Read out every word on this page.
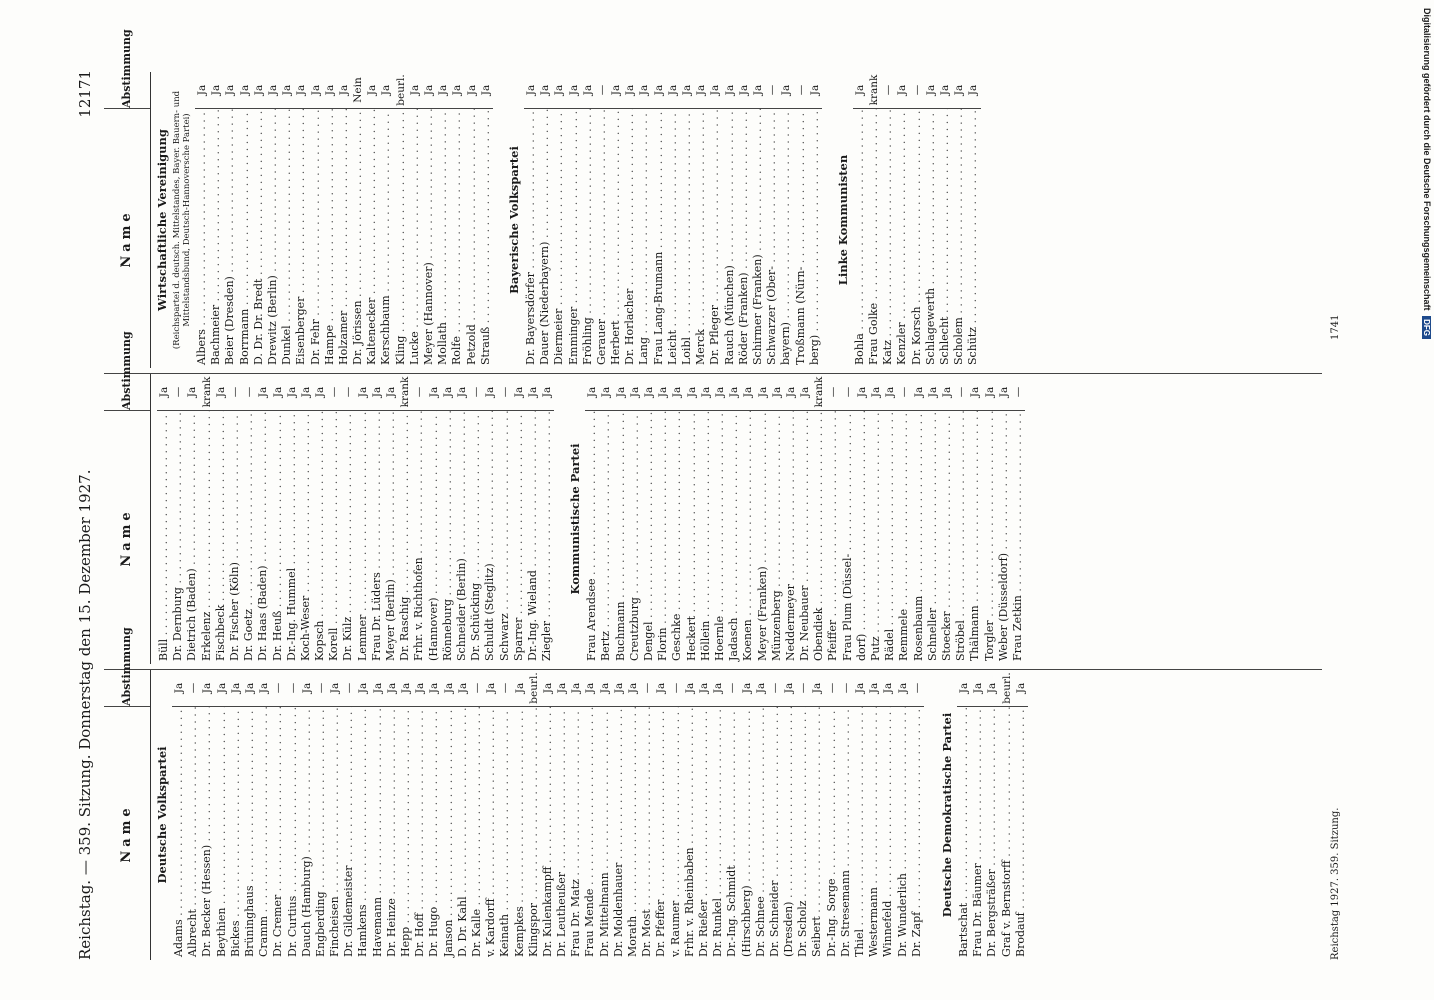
Reichstag. — 359. Sitzung. Donnerstag den 15. Dezember 1927.
12171
Name
Abstimmung
Deutsche Volkspartei
Adams . . .
Ja
Albrecht . . .
—
Dr. Becker (Hessen) . . .
Ja
Beythien . . .
Ja
Bickes . . .
Ja
Brüninghaus . . .
Ja
Cramm . . .
Ja
Dr. Cremer . . .
—
Dr. Curtius . . .
—
Dauch (Hamburg) . . .
Ja
Engberding . . .
—
Fincheisen . . .
Ja
Dr. Gildemeister . . .
—
Hamkens . . .
Ja
Havemann . . .
Ja
Dr. Heinze . . .
Ja
Hepp . . .
Ja
Dr. Hoff . . .
Ja
Dr. Hugo . . .
Ja
Janson . . .
Ja
D. Dr. Kahl . . .
Ja
Dr. Kalle . . .
—
v. Kardorff . . .
Ja
Keinath . . .
—
Kempkes . . .
Ja
Klingspor . . .
beurl.
Dr. Kulenkampff . . .
Ja
Dr. Leutheußer . . .
Ja
Frau Dr. Matz . . .
Ja
Frau Mende . . .
Ja
Dr. Mittelmann . . .
Ja
Dr. Moldenhauer . . .
Ja
Morath . . .
Ja
Dr. Most . . .
—
Dr. Pfeffer . . .
Ja
v. Raumer . . .
—
Frhr. v. Rheinbaben . . .
Ja
Dr. Rießer . . .
Ja
Dr. Runkel . . .
Ja
Dr.-Ing. Schmidt . . .
—
(Hirschberg) . . .
Ja
Dr. Schnee . . .
Ja
Dr. Schneider . . .
—
(Dresden) . . .
Ja
Dr. Scholz . . .
—
Seibert . . .
Ja
Dr.-Ing. Sorge . . .
—
Dr. Stresemann . . .
—
Thiel . . .
Ja
Westermann . . .
Ja
Winnefeld . . .
Ja
Dr. Wunderlich . . .
Ja
Dr. Zapf . . .
—
Deutsche Demokratische Partei
Bartschat . . .
Ja
Frau Dr. Bäumer . . .
Ja
Dr. Bergsträßer . . .
Ja
Graf v. Bernstorff . . .
beurl.
Brodauf . . .
Ja
Name
Abstimmung
Büll . . .
Ja
Dr. Dernburg . . .
—
Dietrich (Baden) . . .
Ja
Erkelenz . . .
krank
Fischbeck . . .
Ja
Dr. Fischer (Köln) . . .
—
Dr. Goetz . . .
—
Dr. Haas (Baden) . . .
Ja
Dr. Heuß . . .
Ja
Dr.-Ing. Hummel . . .
Ja
Koch-Weser . . .
Ja
Kopsch . . .
Ja
Korell . . .
—
Dr. Külz . . .
—
Lemmer . . .
Ja
Frau Dr. Lüders . . .
Ja
Meyer (Berlin) . . .
Ja
Dr. Raschig . . .
krank
Frhr. v. Richthofen . . .
—
(Hannover) . . .
Ja
Rönneburg . . .
Ja
Schneider (Berlin) . . .
Ja
Dr. Schücking . . .
—
Schuldt (Steglitz) . . .
Ja
Schwarz . . .
—
Sparrer . . .
Ja
Dr.-Ing. Wieland . . .
Ja
Ziegler . . .
Ja
Kommunistische Partei
Frau Arendsee . . .
Ja
Bertz . . .
Ja
Buchmann . . .
Ja
Creutzburg . . .
Ja
Dengel . . .
Ja
Florin . . .
Ja
Geschke . . .
Ja
Heckert . . .
Ja
Höllein . . .
Ja
Hoernle . . .
Ja
Jadasch . . .
Ja
Koenen . . .
Ja
Meyer (Franken) . . .
Ja
Münzenberg . . .
Ja
Neddermeyer . . .
Ja
Dr. Neubauer . . .
Ja
Obendiek . . .
krank
Pfeiffer . . .
—
Frau Plum (Düssel- . . .
—
dorf) . . .
Ja
Putz . . .
Ja
Rädel . . .
Ja
Remmele . . .
—
Rosenbaum . . .
Ja
Schneller . . .
Ja
Stoecker . . .
Ja
Ströbel . . .
—
Thälmann . . .
Ja
Torgler . . .
Ja
Weber (Düsseldorf) . . .
Ja
Frau Zetkin . . .
—
Name
Abstimmung
Wirtschaftliche Vereinigung (Reichspartei d. deutsch. Mittelstandes, Bayer. Bauern- und Mittelstandsbund, Deutsch-Hannoversche Partei)
Albers . . .
Ja
Bachmeier . . .
Ja
Beier (Dresden) . . .
Ja
Borrmann . . .
Ja
D. Dr. Dr. Bredt . . .
Ja
Drewitz (Berlin) . . .
Ja
Dunkel . . .
Ja
Eisenberger . . .
Ja
Dr. Fehr . . .
Ja
Hampe . . .
Ja
Holzamer . . .
Ja
Dr. Jörissen . . .
Nein
Kaltenecker . . .
Ja
Kerschbaum . . .
Ja
Kling . . .
beurl.
Lucke . . .
Ja
Meyer (Hannover) . . .
Ja
Mollath . . .
Ja
Rolfe . . .
Ja
Petzold . . .
Ja
Strauß . . .
Ja
Bayerische Volkspartei
Dr. Bayersdörfer . . .
Ja
Dauer (Niederbayern) . . .
Ja
Diermeier . . .
Ja
Emminger . . .
Ja
Fröhling . . .
Ja
Gerauer . . .
—
Herbert . . .
Ja
Dr. Horlacher . . .
Ja
Lang . . .
Ja
Frau Lang-Brumann . . .
Ja
Leicht . . .
Ja
Loibl . . .
Ja
Merck . . .
Ja
Dr. Pfleger . . .
Ja
Rauch (München) . . .
Ja
Röder (Franken) . . .
Ja
Schirmer (Franken) . . .
Ja
Schwarzer (Ober- . . .
—
bayern) . . .
Ja
Troßmann (Nürn- . . .
—
berg) . . .
Ja
Linke Kommunisten
Bohla . . .
Ja
Frau Golke . . .
krank
Katz . . .
—
Kenzler . . .
Ja
Dr. Korsch . . .
—
Schlagewerth . . .
Ja
Schlecht . . .
Ja
Scholem . . .
Ja
Schütz . . .
Ja
Reichstag 1927. 359. Sitzung.
1741
Digitalisierung gefördert durch die Deutsche Forschungsgemeinschaft DFG
